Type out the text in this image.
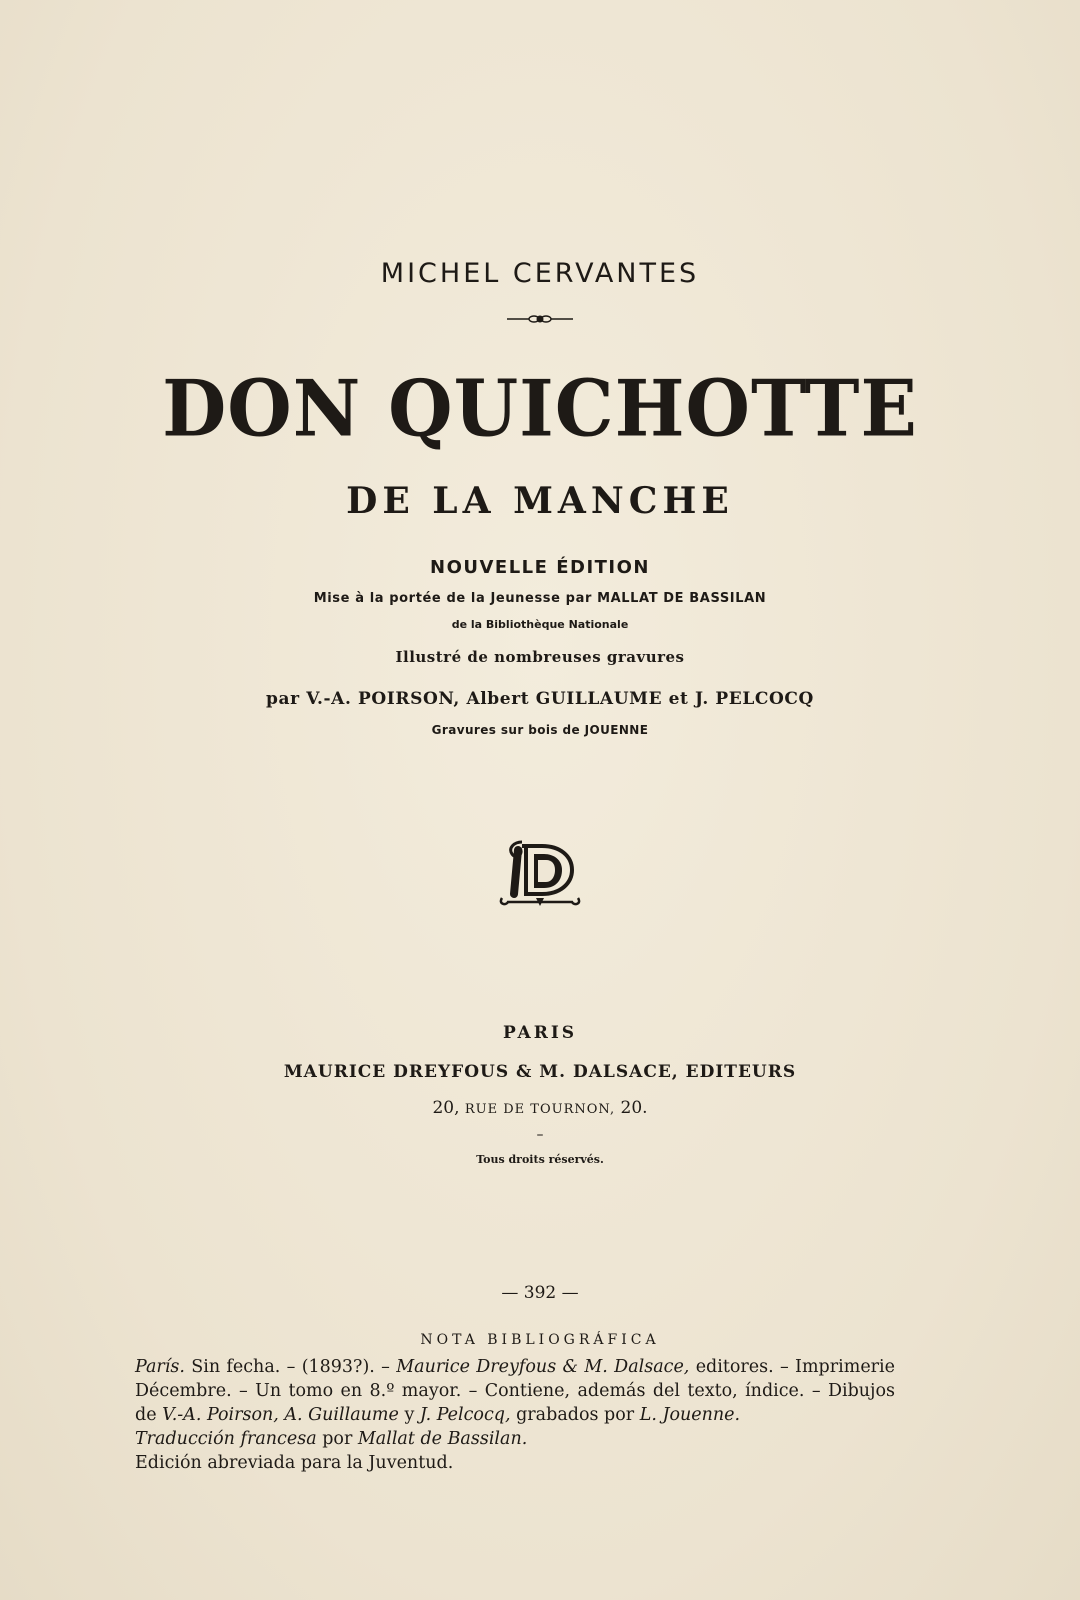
MICHEL CERVANTES
DON QUICHOTTE
DE LA MANCHE
NOUVELLE ÉDITION
Mise à la portée de la Jeunesse par MALLAT DE BASSILAN
de la Bibliothèque Nationale
Illustré de nombreuses gravures
par V.-A. POIRSON, Albert GUILLAUME et J. PELCOCQ
Gravures sur bois de JOUENNE
PARIS
MAURICE DREYFOUS & M. DALSACE, EDITEURS
20, RUE DE TOURNON, 20.
–
Tous droits réservés.
— 392 —
NOTA BIBLIOGRÁFICA

París. Sin fecha. – (1893?). – Maurice Dreyfous & M. Dalsace, editores. – Imprimerie Décembre. – Un tomo en 8.º mayor. – Contiene, además del texto, índice. – Dibujos de V.-A. Poirson, A. Guillaume y J. Pelcocq, grabados por L. Jouenne.

Traducción francesa por Mallat de Bassilan.

Edición abreviada para la Juventud.
